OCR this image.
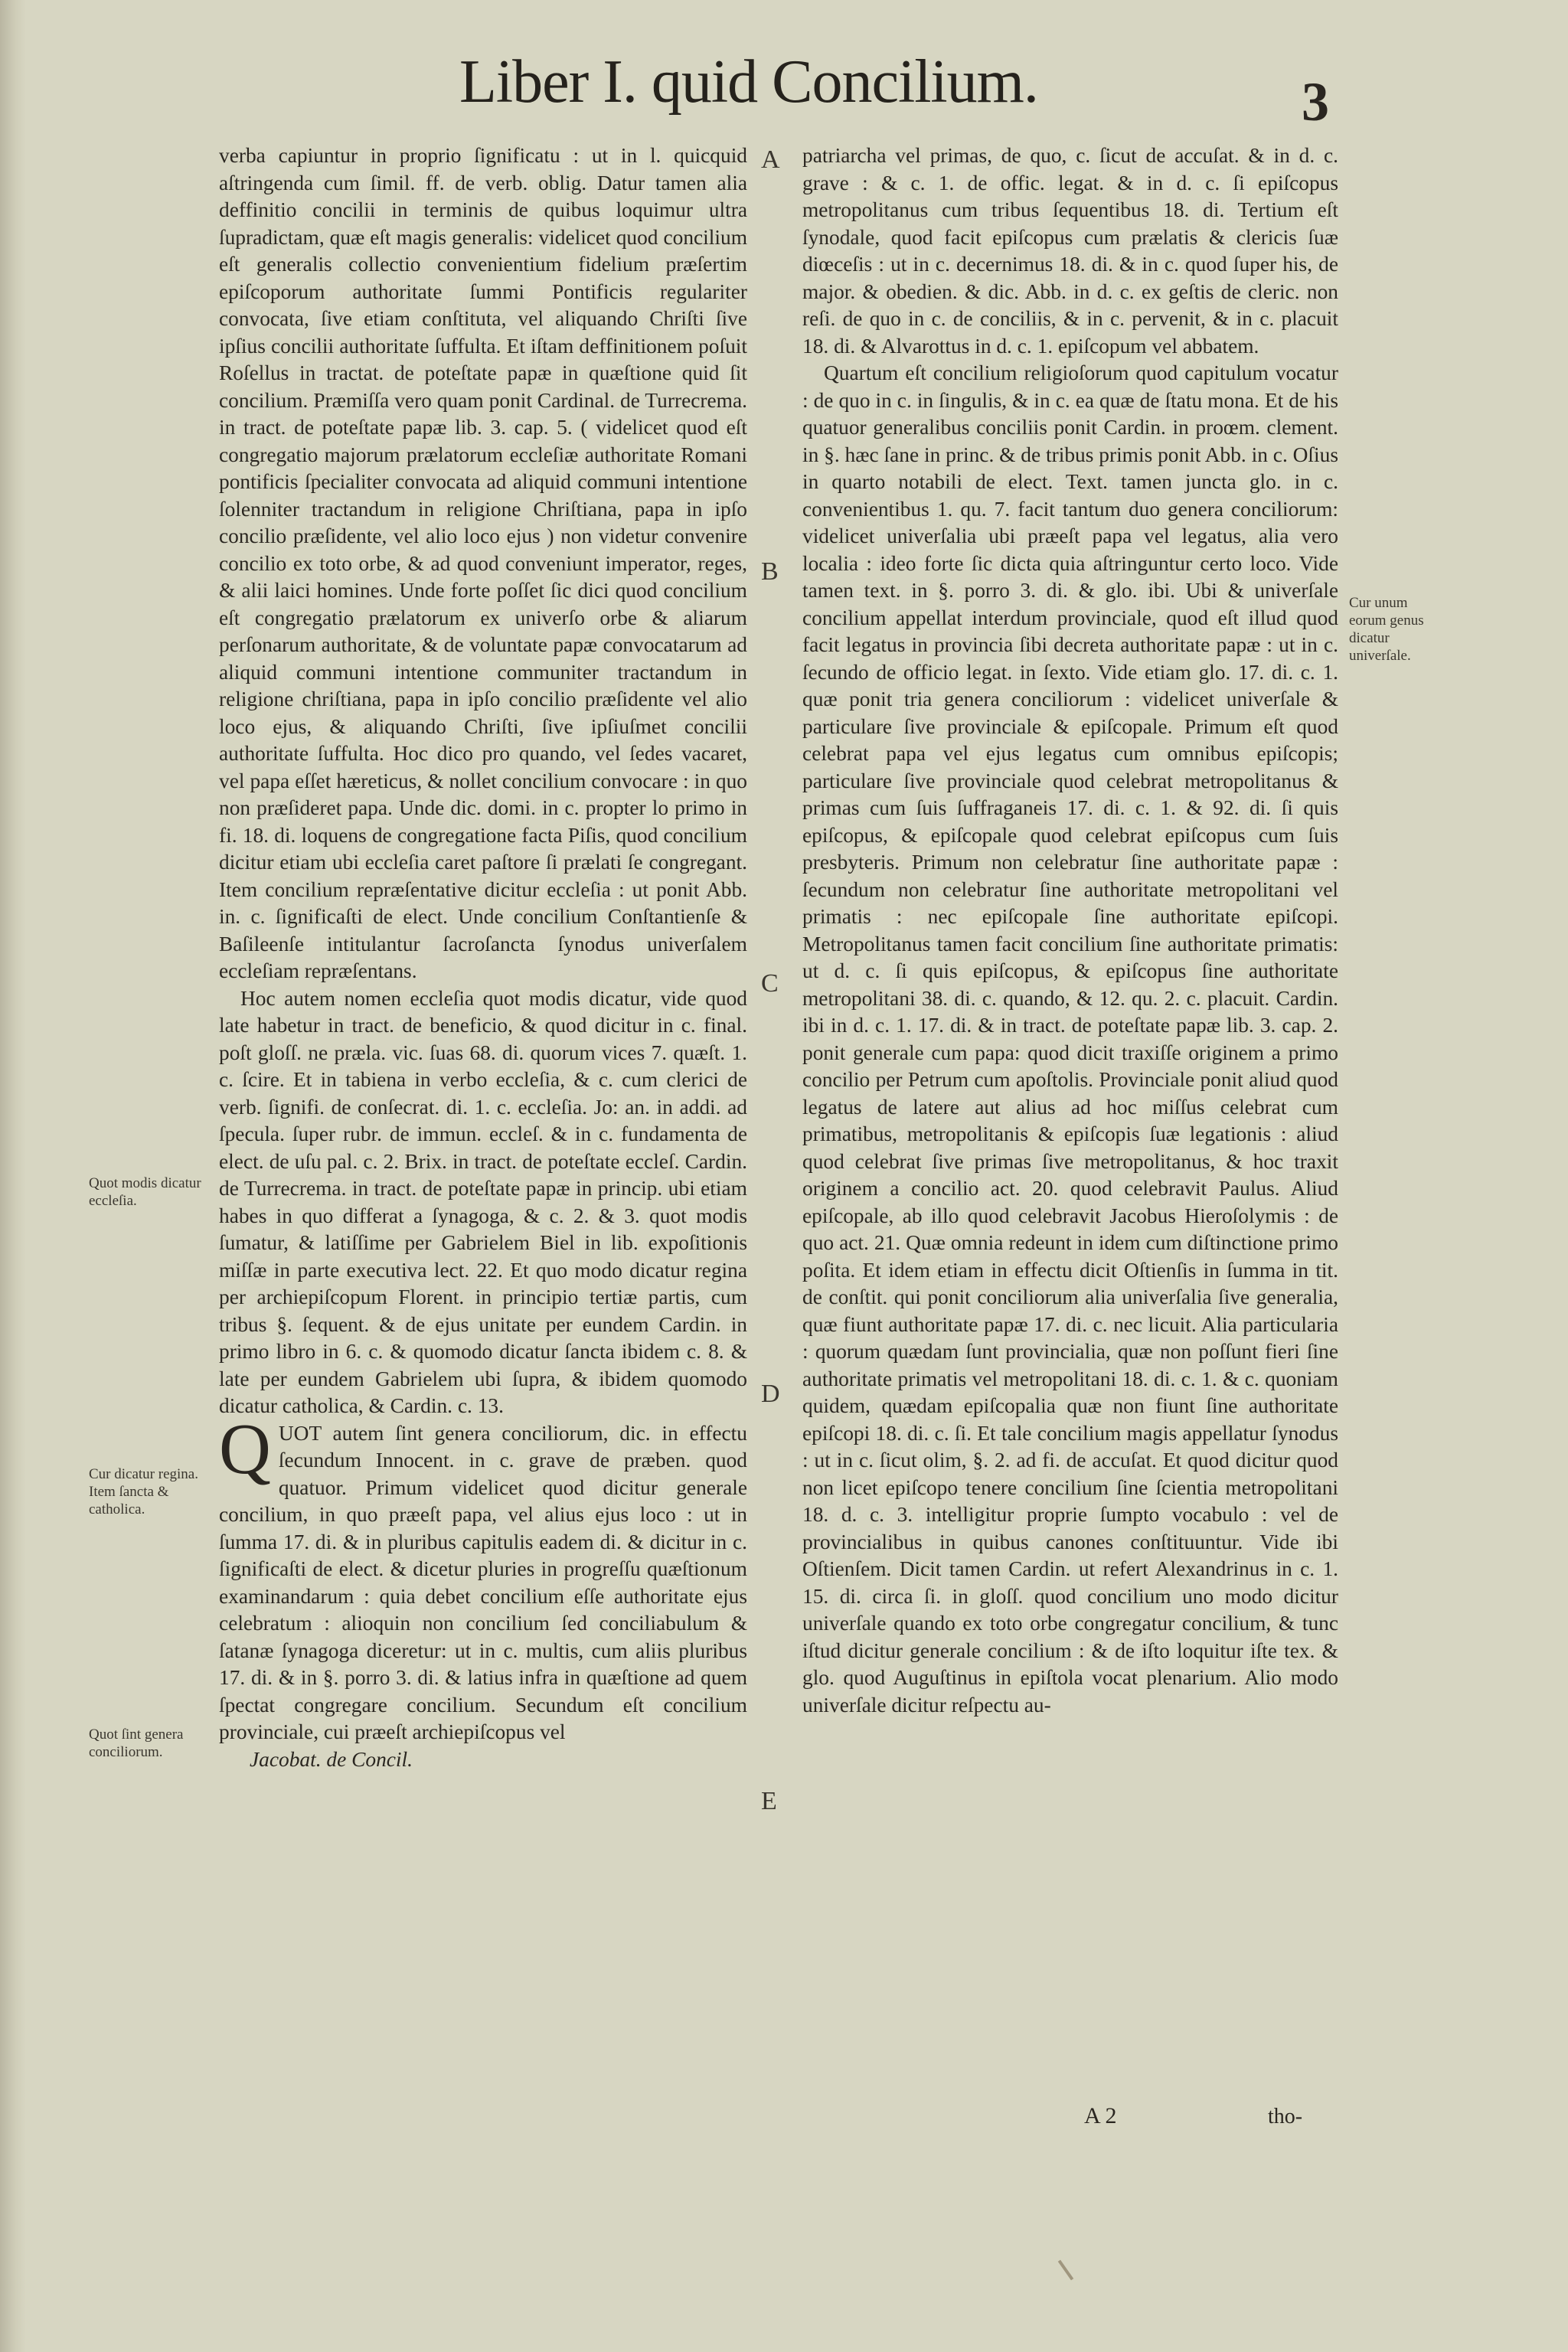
Liber I. quid Concilium.	3

verba capiuntur in proprio ſignificatu : ut in l. quicquid aſtringenda cum ſimil. ff. de verb. oblig. Datur tamen alia deffinitio concilii in terminis de quibus loquimur ultra ſupradictam, quæ eſt magis generalis: videlicet quod concilium eſt generalis collectio convenientium fidelium præſertim epiſcoporum authoritate ſummi Pontificis regulariter convocata, ſive etiam conſtituta, vel aliquando Chriſti ſive ipſius concilii authoritate ſuffulta. Et iſtam deffinitionem poſuit Roſellus in tractat. de poteſtate papæ in quæſtione quid ſit concilium. Præmiſſa vero quam ponit Cardinal. de Turrecrema. in tract. de poteſtate papæ lib. 3. cap. 5. ( videlicet quod eſt congregatio majorum prælatorum eccleſiæ authoritate Romani pontificis ſpecialiter convocata ad aliquid communi intentione ſolenniter tractandum in religione Chriſtiana, papa in ipſo concilio præſidente, vel alio loco ejus ) non videtur convenire concilio ex toto orbe, & ad quod conveniunt imperator, reges, & alii laici homines. Unde forte poſſet ſic dici quod concilium eſt congregatio prælatorum ex univerſo orbe & aliarum perſonarum authoritate, & de voluntate papæ convocatarum ad aliquid communi intentione communiter tractandum in religione chriſtiana, papa in ipſo concilio præſidente vel alio loco ejus, & aliquando Chriſti, ſive ipſiuſmet concilii authoritate ſuffulta. Hoc dico pro quando, vel ſedes vacaret, vel papa eſſet hæreticus, & nollet concilium convocare : in quo non præſideret papa. Unde dic. domi. in c. propter lo primo in fi. 18. di. loquens de congregatione facta Piſis, quod concilium dicitur etiam ubi eccleſia caret paſtore ſi prælati ſe congregant. Item concilium repræſentative dicitur eccleſia : ut ponit Abb. in. c. ſignificaſti de elect. Unde concilium Conſtantienſe & Baſileenſe intitulantur ſacroſancta ſynodus univerſalem eccleſiam repræſentans.

Hoc autem nomen eccleſia quot modis dicatur, vide quod late habetur in tract. de beneficio, & quod dicitur in c. final. poſt gloſſ. ne præla. vic. ſuas 68. di. quorum vices 7. quæſt. 1. c. ſcire. Et in tabiena in verbo eccleſia, & c. cum clerici de verb. ſignifi. de conſecrat. di. 1. c. eccleſia. Jo: an. in addi. ad ſpecula. ſuper rubr. de immun. eccleſ. & in c. fundamenta de elect. de uſu pal. c. 2. Brix. in tract. de poteſtate eccleſ. Cardin. de Turrecrema. in tract. de poteſtate papæ in princip. ubi etiam habes in quo differat a ſynagoga, & c. 2. & 3. quot modis ſumatur, & latiſſime per Gabrielem Biel in lib. expoſitionis miſſæ in parte executiva lect. 22. Et quo modo dicatur regina per archiepiſcopum Florent. in principio tertiæ partis, cum tribus §. ſequent. & de ejus unitate per eundem Cardin. in primo libro in 6. c. & quomodo dicatur ſancta ibidem c. 8. & late per eundem Gabrielem ubi ſupra, & ibidem quomodo dicatur catholica, & Cardin. c. 13.

QUOT autem ſint genera conciliorum, dic. in effectu ſecundum Innocent. in c. grave de præben. quod quatuor. Primum videlicet quod dicitur generale concilium, in quo præeſt papa, vel alius ejus loco : ut in ſumma 17. di. & in pluribus capitulis eadem di. & dicitur in c. ſignificaſti de elect. & dicetur pluries in progreſſu quæſtionum examinandarum : quia debet concilium eſſe authoritate ejus celebratum : alioquin non concilium ſed conciliabulum & ſatanæ ſynagoga diceretur: ut in c. multis, cum aliis pluribus 17. di. & in §. porro 3. di. & latius infra in quæſtione ad quem ſpectat congregare concilium. Secundum eſt concilium provinciale, cui præeſt archiepiſcopus vel

Jacobat. de Concil.

patriarcha vel primas, de quo, c. ſicut de accuſat. & in d. c. grave : & c. 1. de offic. legat. & in d. c. ſi epiſcopus metropolitanus cum tribus ſequentibus 18. di. Tertium eſt ſynodale, quod facit epiſcopus cum prælatis & clericis ſuæ diœceſis : ut in c. decernimus 18. di. & in c. quod ſuper his, de major. & obedien. & dic. Abb. in d. c. ex geſtis de cleric. non reſi. de quo in c. de conciliis, & in c. pervenit, & in c. placuit 18. di. & Alvarottus in d. c. 1. epiſcopum vel abbatem.

Quartum eſt concilium religioſorum quod capitulum vocatur : de quo in c. in ſingulis, & in c. ea quæ de ſtatu mona. Et de his quatuor generalibus conciliis ponit Cardin. in proœm. clement. in §. hæc ſane in princ. & de tribus primis ponit Abb. in c. Oſius in quarto notabili de elect. Text. tamen juncta glo. in c. convenientibus 1. qu. 7. facit tantum duo genera conciliorum: videlicet univerſalia ubi præeſt papa vel legatus, alia vero localia : ideo forte ſic dicta quia aſtringuntur certo loco. Vide tamen text. in §. porro 3. di. & glo. ibi. Ubi & univerſale concilium appellat interdum provinciale, quod eſt illud quod facit legatus in provincia ſibi decreta authoritate papæ : ut in c. ſecundo de officio legat. in ſexto. Vide etiam glo. 17. di. c. 1. quæ ponit tria genera conciliorum : videlicet univerſale & particulare ſive provinciale & epiſcopale. Primum eſt quod celebrat papa vel ejus legatus cum omnibus epiſcopis; particulare ſive provinciale quod celebrat metropolitanus & primas cum ſuis ſuffraganeis 17. di. c. 1. & 92. di. ſi quis epiſcopus, & epiſcopale quod celebrat epiſcopus cum ſuis presbyteris. Primum non celebratur ſine authoritate papæ : ſecundum non celebratur ſine authoritate metropolitani vel primatis : nec epiſcopale ſine authoritate epiſcopi. Metropolitanus tamen facit concilium ſine authoritate primatis: ut d. c. ſi quis epiſcopus, & epiſcopus ſine authoritate metropolitani 38. di. c. quando, & 12. qu. 2. c. placuit. Cardin. ibi in d. c. 1. 17. di. & in tract. de poteſtate papæ lib. 3. cap. 2. ponit generale cum papa: quod dicit traxiſſe originem a primo concilio per Petrum cum apoſtolis. Provinciale ponit aliud quod legatus de latere aut alius ad hoc miſſus celebrat cum primatibus, metropolitanis & epiſcopis ſuæ legationis : aliud quod celebrat ſive primas ſive metropolitanus, & hoc traxit originem a concilio act. 20. quod celebravit Paulus. Aliud epiſcopale, ab illo quod celebravit Jacobus Hieroſolymis : de quo act. 21. Quæ omnia redeunt in idem cum diſtinctione primo poſita. Et idem etiam in effectu dicit Oſtienſis in ſumma in tit. de conſtit. qui ponit conciliorum alia univerſalia ſive generalia, quæ fiunt authoritate papæ 17. di. c. nec licuit. Alia particularia : quorum quædam ſunt provincialia, quæ non poſſunt fieri ſine authoritate primatis vel metropolitani 18. di. c. 1. & c. quoniam quidem, quædam epiſcopalia quæ non fiunt ſine authoritate epiſcopi 18. di. c. ſi. Et tale concilium magis appellatur ſynodus : ut in c. ſicut olim, §. 2. ad fi. de accuſat. Et quod dicitur quod non licet epiſcopo tenere concilium ſine ſcientia metropolitani 18. d. c. 3. intelligitur proprie ſumpto vocabulo : vel de provincialibus in quibus canones conſtituuntur. Vide ibi Oſtienſem. Dicit tamen Cardin. ut refert Alexandrinus in c. 1. 15. di. circa ſi. in gloſſ. quod concilium uno modo dicitur univerſale quando ex toto orbe congregatur concilium, & tunc iſtud dicitur generale concilium : & de iſto loquitur iſte tex. & glo. quod Auguſtinus in epiſtola vocat plenarium. Alio modo univerſale dicitur reſpectu au-

A
B
C
D
E
Quot modis dicatur eccleſia.
Cur dicatur regina. Item ſancta & catholica.
Quot ſint genera conciliorum.
Cur unum eorum genus dicatur univerſale.
A 2	tho-
